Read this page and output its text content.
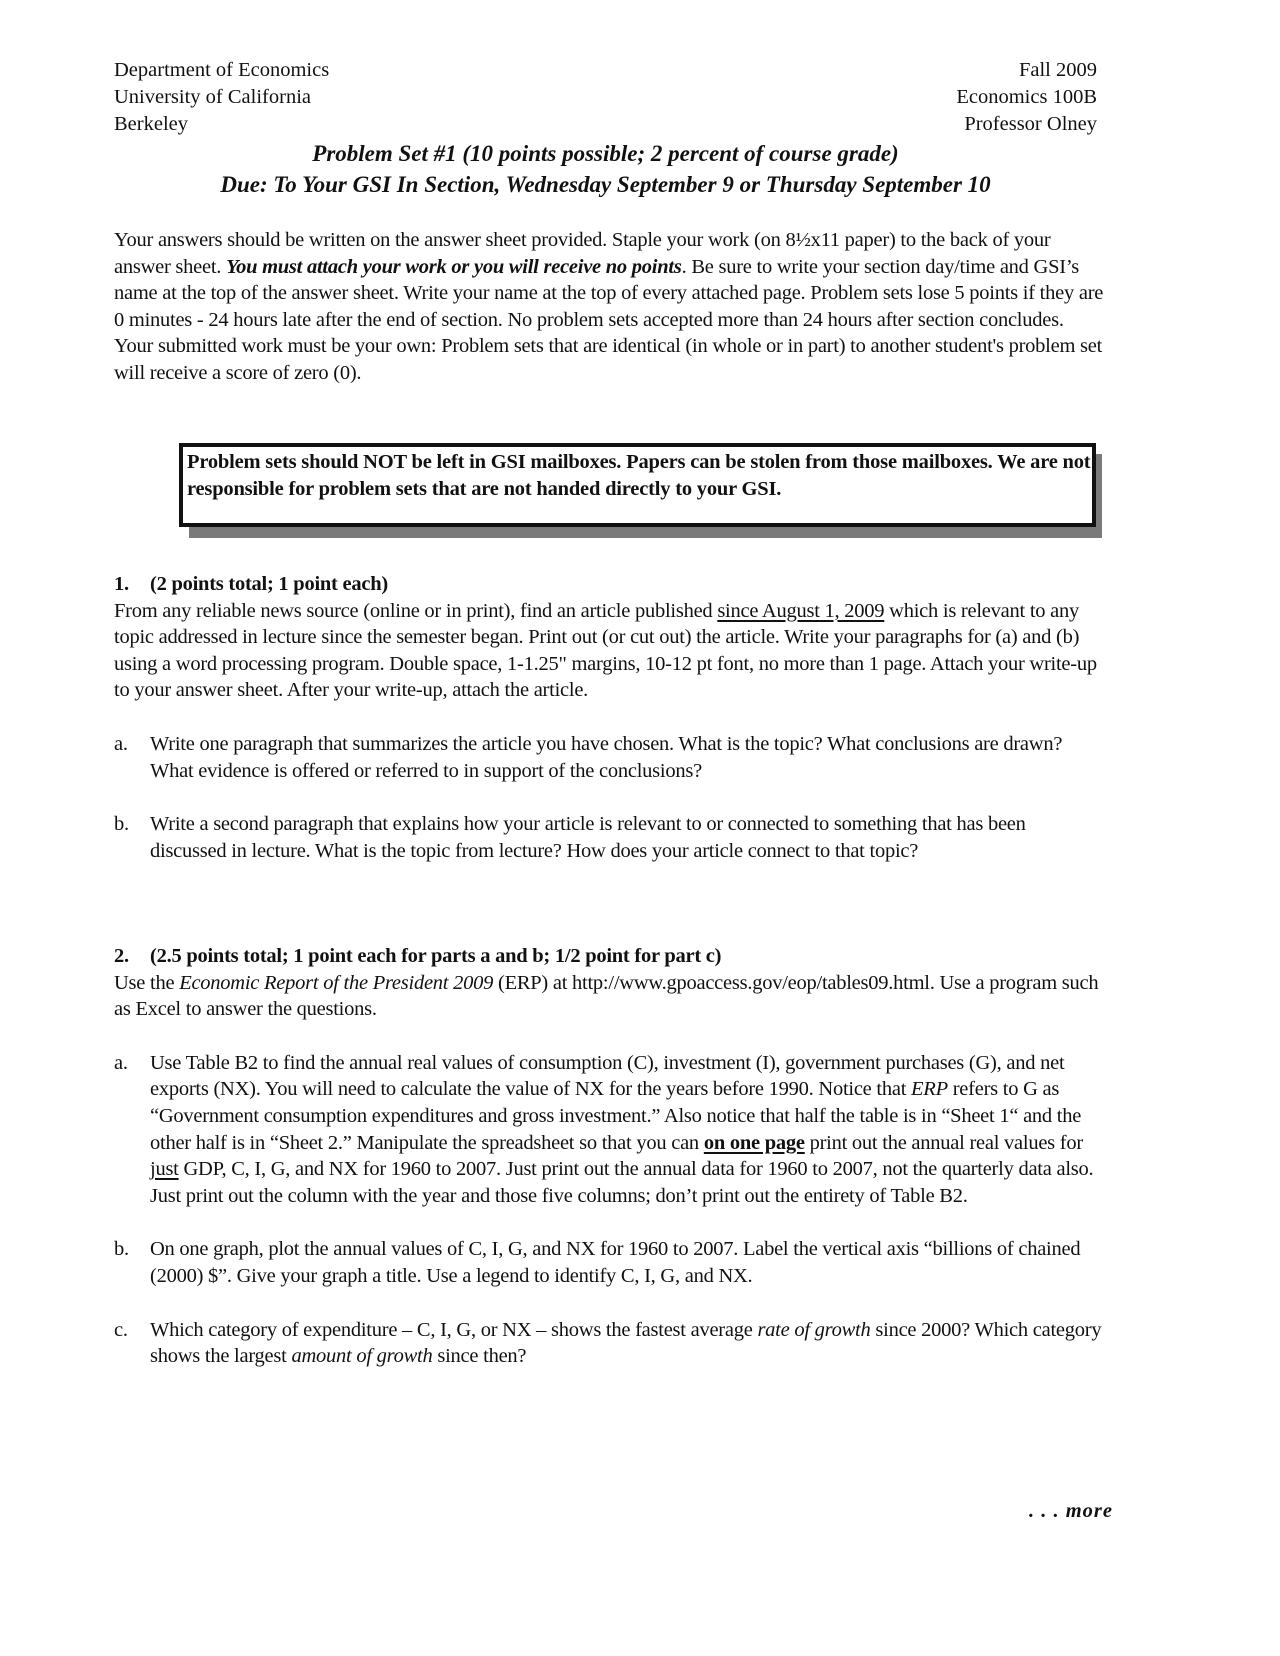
Department of Economics
University of California
Berkeley
Fall 2009
Economics 100B
Professor Olney
Problem Set #1 (10 points possible; 2 percent of course grade)
Due: To Your GSI In Section, Wednesday September 9 or Thursday September 10

Your answers should be written on the answer sheet provided. Staple your work (on 8½x11 paper) to the back of your answer sheet. You must attach your work or you will receive no points. Be sure to write your section day/time and GSI’s name at the top of the answer sheet. Write your name at the top of every attached page. Problem sets lose 5 points if they are 0 minutes - 24 hours late after the end of section. No problem sets accepted more than 24 hours after section concludes. Your submitted work must be your own: Problem sets that are identical (in whole or in part) to another student's problem set will receive a score of zero (0).

Problem sets should NOT be left in GSI mailboxes. Papers can be stolen from those mailboxes. We are not responsible for problem sets that are not handed directly to your GSI.

1.	(2 points total; 1 point each)

From any reliable news source (online or in print), find an article published since August 1, 2009 which is relevant to any topic addressed in lecture since the semester began. Print out (or cut out) the article. Write your paragraphs for (a) and (b) using a word processing program. Double space, 1-1.25" margins, 10-12 pt font, no more than 1 page. Attach your write-up to your answer sheet. After your write-up, attach the article.

a.	Write one paragraph that summarizes the article you have chosen. What is the topic? What conclusions are drawn? What evidence is offered or referred to in support of the conclusions?
b.	Write a second paragraph that explains how your article is relevant to or connected to something that has been discussed in lecture. What is the topic from lecture? How does your article connect to that topic?
2.	(2.5 points total; 1 point each for parts a and b; 1/2 point for part c)

Use the Economic Report of the President 2009 (ERP) at http://www.gpoaccess.gov/eop/tables09.html. Use a program such as Excel to answer the questions.

a.	Use Table B2 to find the annual real values of consumption (C), investment (I), government purchases (G), and net exports (NX). You will need to calculate the value of NX for the years before 1990. Notice that ERP refers to G as “Government consumption expenditures and gross investment.” Also notice that half the table is in “Sheet 1“ and the other half is in “Sheet 2.” Manipulate the spreadsheet so that you can on one page print out the annual real values for just GDP, C, I, G, and NX for 1960 to 2007. Just print out the annual data for 1960 to 2007, not the quarterly data also. Just print out the column with the year and those five columns; don’t print out the entirety of Table B2.
b.	On one graph, plot the annual values of C, I, G, and NX for 1960 to 2007. Label the vertical axis “billions of chained (2000) $”. Give your graph a title. Use a legend to identify C, I, G, and NX.
c.	Which category of expenditure – C, I, G, or NX – shows the fastest average rate of growth since 2000? Which category shows the largest amount of growth since then?
. . . more
